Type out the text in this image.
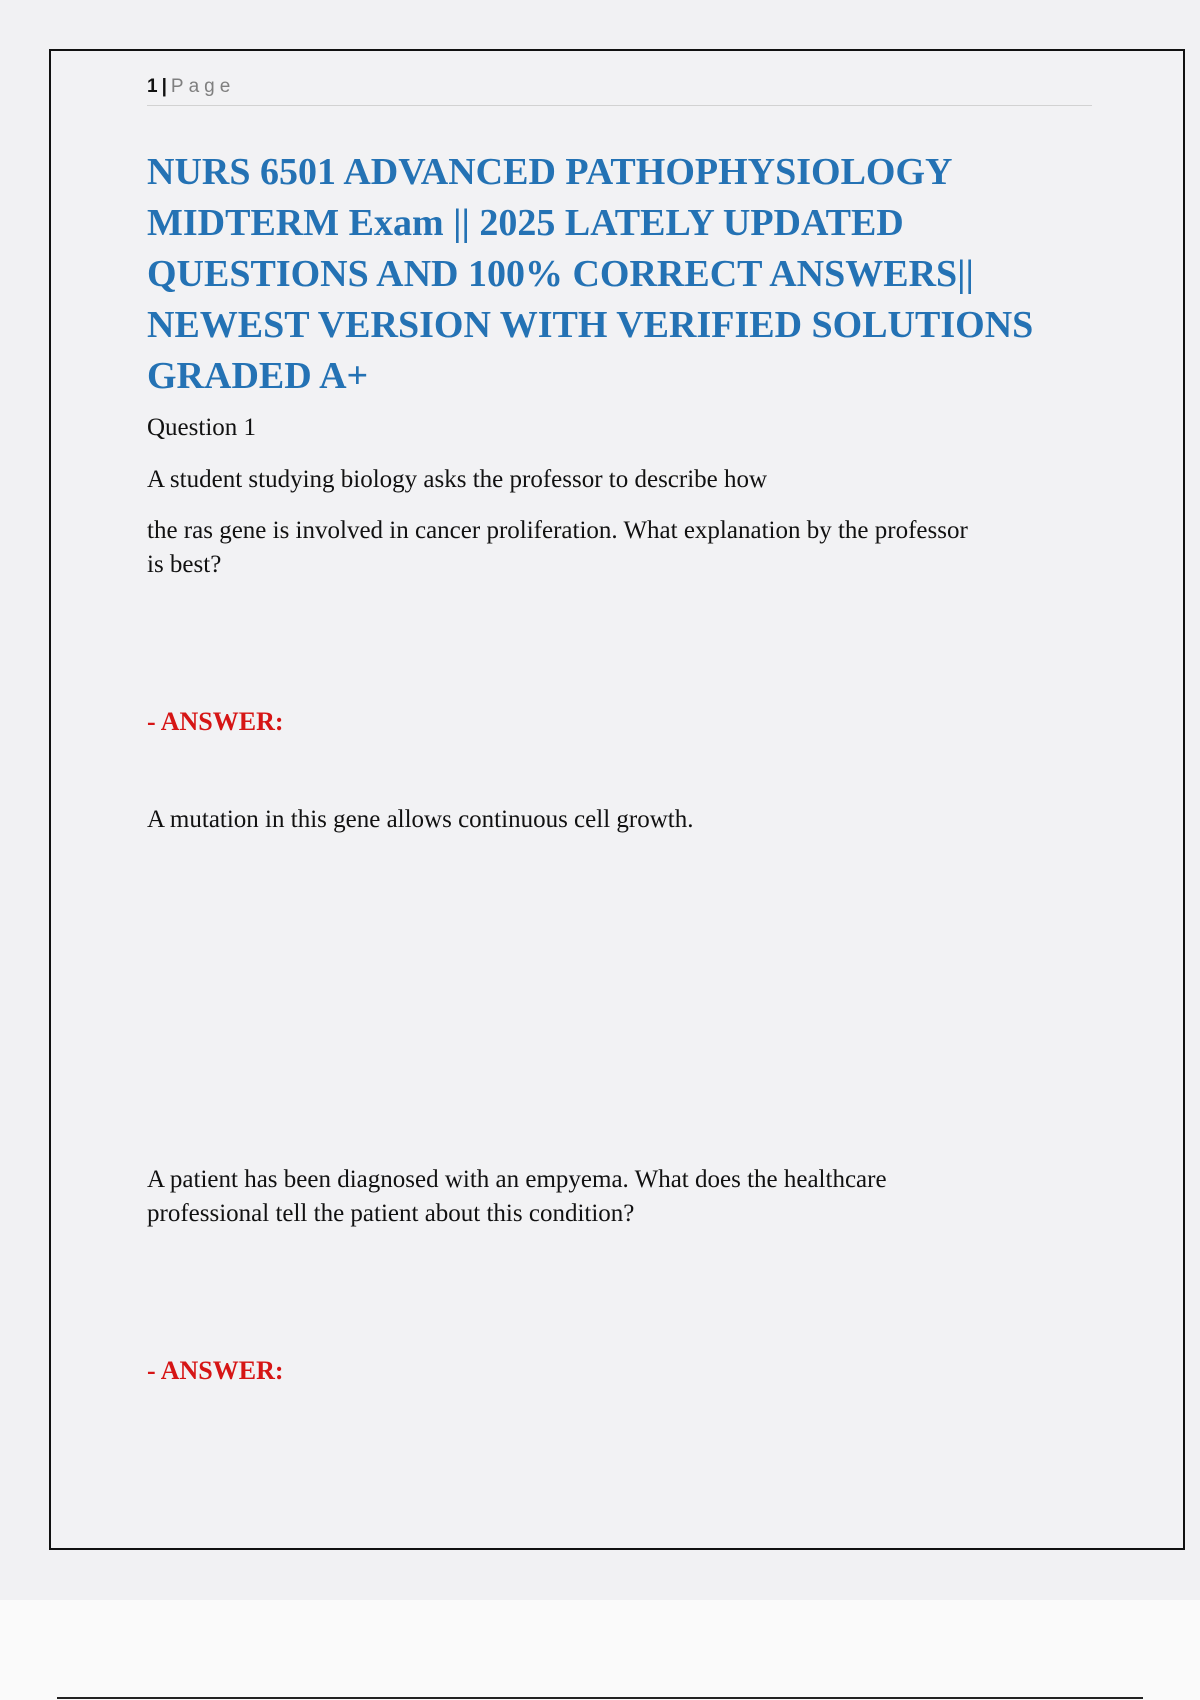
1 | Page
NURS 6501 ADVANCED PATHOPHYSIOLOGY
MIDTERM Exam || 2025 LATELY UPDATED
QUESTIONS AND 100% CORRECT ANSWERS||
NEWEST VERSION WITH VERIFIED SOLUTIONS
GRADED A+

Question 1

A student studying biology asks the professor to describe how

the ras gene is involved in cancer proliferation. What explanation by the professor

is best?

- ANSWER:

A mutation in this gene allows continuous cell growth.

A patient has been diagnosed with an empyema. What does the healthcare

professional tell the patient about this condition?

- ANSWER:
